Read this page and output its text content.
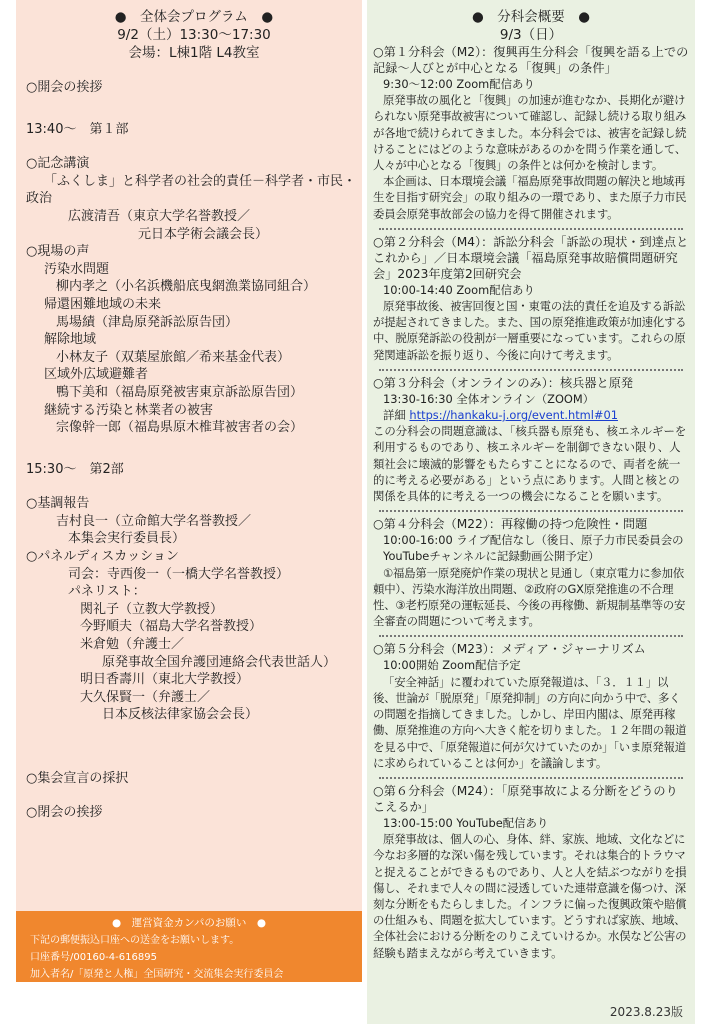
●　全体会プログラム　●
9/2（土）13:30～17:30
会場：L棟1階 L4教室
○開会の挨拶
13:40～　第１部
○記念講演
「ふくしま」と科学者の社会的責任－科学者・市民・
政治
広渡清吾（東京大学名誉教授／
元日本学術会議会長）
○現場の声
汚染水問題
柳内孝之（小名浜機船底曳網漁業協同組合）
帰還困難地域の未来
馬場績（津島原発訴訟原告団）
解除地域
小林友子（双葉屋旅館／希来基金代表）
区域外広域避難者
鴨下美和（福島原発被害東京訴訟原告団）
継続する汚染と林業者の被害
宗像幹一郎（福島県原木椎茸被害者の会）
15:30～　第2部
○基調報告
吉村良一（立命館大学名誉教授／
本集会実行委員長）
○パネルディスカッション
司会：寺西俊一（一橋大学名誉教授）
パネリスト：
関礼子（立教大学教授）
今野順夫（福島大学名誉教授）
米倉勉（弁護士／
原発事故全国弁護団連絡会代表世話人）
明日香壽川（東北大学教授）
大久保賢一（弁護士／
日本反核法律家協会会長）
○集会宣言の採択
○閉会の挨拶
●　運営資金カンパのお願い　●
下記の郵便振込口座への送金をお願いします。
口座番号/00160-4-616895
加入者名/「原発と人権」全国研究・交流集会実行委員会
●　分科会概要　●
9/3（日）
○第１分科会（M2）：復興再生分科会「復興を語る上での記録～人びとが中心となる「復興」の条件」
9:30～12:00 Zoom配信あり
原発事故の風化と「復興」の加速が進むなか、長期化が避けられない原発事故被害について確認し、記録し続ける取り組みが各地で続けられてきました。本分科会では、被害を記録し続けることにはどのような意味があるのかを問う作業を通して、人々が中心となる「復興」の条件とは何かを検討します。
本企画は、日本環境会議「福島原発事故問題の解決と地域再生を目指す研究会」の取り組みの一環であり、また原子力市民委員会原発事故部会の協力を得て開催されます。
○第２分科会（M4）：訴訟分科会「訴訟の現状・到達点とこれから」／日本環境会議「福島原発事故賠償問題研究会」2023年度第2回研究会
10:00-14:40 Zoom配信あり
原発事故後、被害回復と国・東電の法的責任を追及する訴訟が提起されてきました。また、国の原発推進政策が加速化する中、脱原発訴訟の役割が一層重要になっています。これらの原発関連訴訟を振り返り、今後に向けて考えます。
○第３分科会（オンラインのみ）：核兵器と原発
13:30-16:30 全体オンライン（ZOOM）
詳細 https://hankaku-j.org/event.html#01
この分科会の問題意識は、「核兵器も原発も、核エネルギーを利用するものであり、核エネルギーを制御できない限り、人類社会に壊滅的影響をもたらすことになるので、両者を統一的に考える必要がある」という点にあります。人間と核との関係を具体的に考える一つの機会になることを願います。
○第４分科会（M22）：再稼働の持つ危険性・問題
10:00-16:00 ライブ配信なし（後日、原子力市民委員会のYouTubeチャンネルに記録動画公開予定）
①福島第一原発廃炉作業の現状と見通し（東京電力に参加依頼中）、汚染水海洋放出問題、②政府のGX原発推進の不合理性、③老朽原発の運転延長、今後の再稼働、新規制基準等の安全審査の問題について考えます。
○第５分科会（M23）：メディア・ジャーナリズム
10:00開始 Zoom配信予定
「安全神話」に覆われていた原発報道は、「３．１１」以後、世論が「脱原発」「原発抑制」の方向に向かう中で、多くの問題を指摘してきました。しかし、岸田内閣は、原発再稼働、原発推進の方向へ大きく舵を切りました。１２年間の報道を見る中で、「原発報道に何が欠けていたのか」「いま原発報道に求められていることは何か」を議論します。
○第６分科会（M24）：「原発事故による分断をどうのりこえるか」
13:00-15:00 YouTube配信あり
原発事故は、個人の心、身体、絆、家族、地域、文化などに今なお多層的な深い傷を残しています。それは集合的トラウマと捉えることができるものであり、人と人を結ぶつながりを損傷し、それまで人々の間に浸透していた連帯意識を傷つけ、深刻な分断をもたらしました。インフラに偏った復興政策や賠償の仕組みも、問題を拡大しています。どうすれば家族、地域、全体社会における分断をのりこえていけるか。水俣など公害の経験も踏まえながら考えていきます。
2023.8.23版
